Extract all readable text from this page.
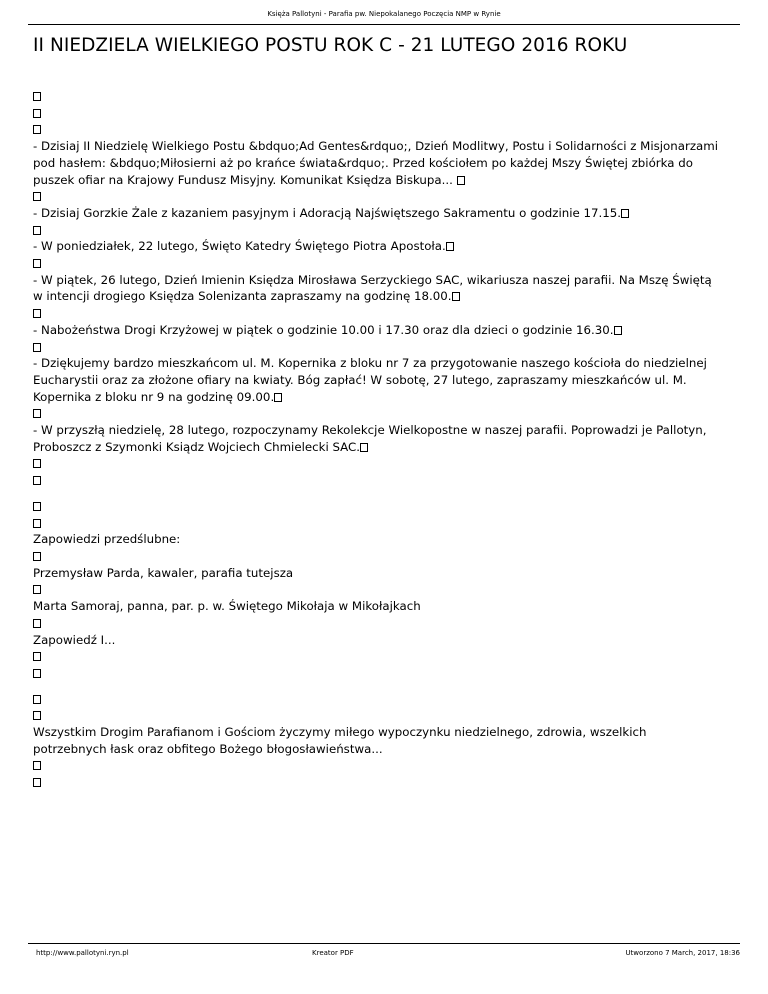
Księża Pallotyni - Parafia pw. Niepokalanego Poczęcia NMP w Rynie
II NIEDZIELA WIELKIEGO POSTU ROK C - 21 LUTEGO 2016 ROKU
- Dzisiaj II Niedzielę Wielkiego Postu &bdquo;Ad Gentes&rdquo;, Dzień Modlitwy, Postu i Solidarności z Misjonarzami pod hasłem: &bdquo;Miłosierni aż po krańce świata&rdquo;. Przed kościołem po każdej Mszy Świętej zbiórka do puszek ofiar na Krajowy Fundusz Misyjny. Komunikat Księdza Biskupa...
- Dzisiaj Gorzkie Żale z kazaniem pasyjnym i Adoracją Najświętszego Sakramentu o godzinie 17.15.
- W poniedziałek, 22 lutego, Święto Katedry Świętego Piotra Apostoła.
- W piątek, 26 lutego, Dzień Imienin Księdza Mirosława Serzyckiego SAC, wikariusza naszej parafii. Na Mszę Świętą w intencji drogiego Księdza Solenizanta zapraszamy na godzinę 18.00.
- Nabożeństwa Drogi Krzyżowej w piątek o godzinie 10.00 i 17.30 oraz dla dzieci o godzinie 16.30.
- Dziękujemy bardzo mieszkańcom ul. M. Kopernika z bloku nr 7 za przygotowanie naszego kościoła do niedzielnej Eucharystii oraz za złożone ofiary na kwiaty. Bóg zapłać! W sobotę, 27 lutego, zapraszamy mieszkańców ul. M. Kopernika z bloku nr 9 na godzinę 09.00.
- W przyszłą niedzielę, 28 lutego, rozpoczynamy Rekolekcje Wielkopostne w naszej parafii. Poprowadzi je Pallotyn, Proboszcz z Szymonki Ksiądz Wojciech Chmielecki SAC.
Zapowiedzi przedślubne:
Przemysław Parda, kawaler, parafia tutejsza
Marta Samoraj, panna, par. p. w. Świętego Mikołaja w Mikołajkach
Zapowiedź I...
Wszystkim Drogim Parafianom i Gościom życzymy miłego wypoczynku niedzielnego, zdrowia, wszelkich potrzebnych łask oraz obfitego Bożego błogosławieństwa...
http://www.pallotyni.ryn.pl	Kreator PDF	Utworzono 7 March, 2017, 18:36
